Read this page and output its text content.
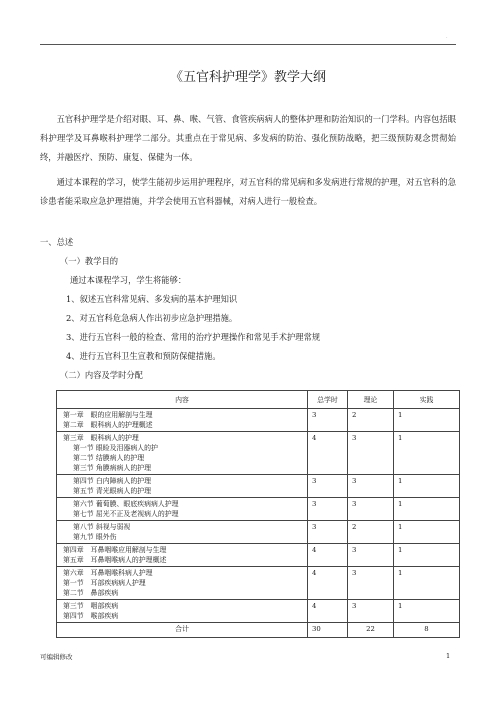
.
《五官科护理学》教学大纲
五官科护理学是介绍对眼、耳、鼻、喉、气管、食管疾病病人的整体护理和防治知识的一门学科。内容包括眼科护理学及耳鼻喉科护理学二部分。其重点在于常见病、多发病的防治、强化预防战略，把三级预防观念贯彻始终，并融医疗、预防、康复、保健为一体。
通过本课程的学习，使学生能初步运用护理程序，对五官科的常见病和多发病进行常规的护理，对五官科的急诊患者能采取应急护理措施，并学会使用五官科器械，对病人进行一般检查。
一、总述
（一）教学目的
通过本课程学习，学生将能够：
1、叙述五官科常见病、多发病的基本护理知识
2、对五官科危急病人作出初步应急护理措施。
3、进行五官科一般的检查、常用的治疗护理操作和常见手术护理常规
4、进行五官科卫生宣教和预防保健措施。
（二）内容及学时分配
内容	总学时	理论	实践

第一章　眼的应用解剖与生理
第二章　眼科病人的护理概述	3	2	1

第三章　眼科病人的护理
第一节 眼睑及泪器病人的护
第二节 结膜病人的护理
第三节 角膜病病人的护理	4	3	1

第四节 白内障病人的护理
第五节 青光眼病人的护理	3	3	1

第六节 葡萄膜、眼底疾病病人护理
第七节 屈光不正及老视病人的护理	3	3	1

第八节 斜视与弱视
第九节 眼外伤	3	2	1

第四章　耳鼻咽喉应用解剖与生理
第五章　耳鼻咽喉病人的护理概述	4	3	1

第六章　耳鼻咽喉科病人护理
第一节　耳部疾病病人护理
第二节　鼻部疾病	4	3	1

第三节　咽部疾病
第四节　喉部疾病	4	3	1
合计	30	22	8
可编辑修改	1
